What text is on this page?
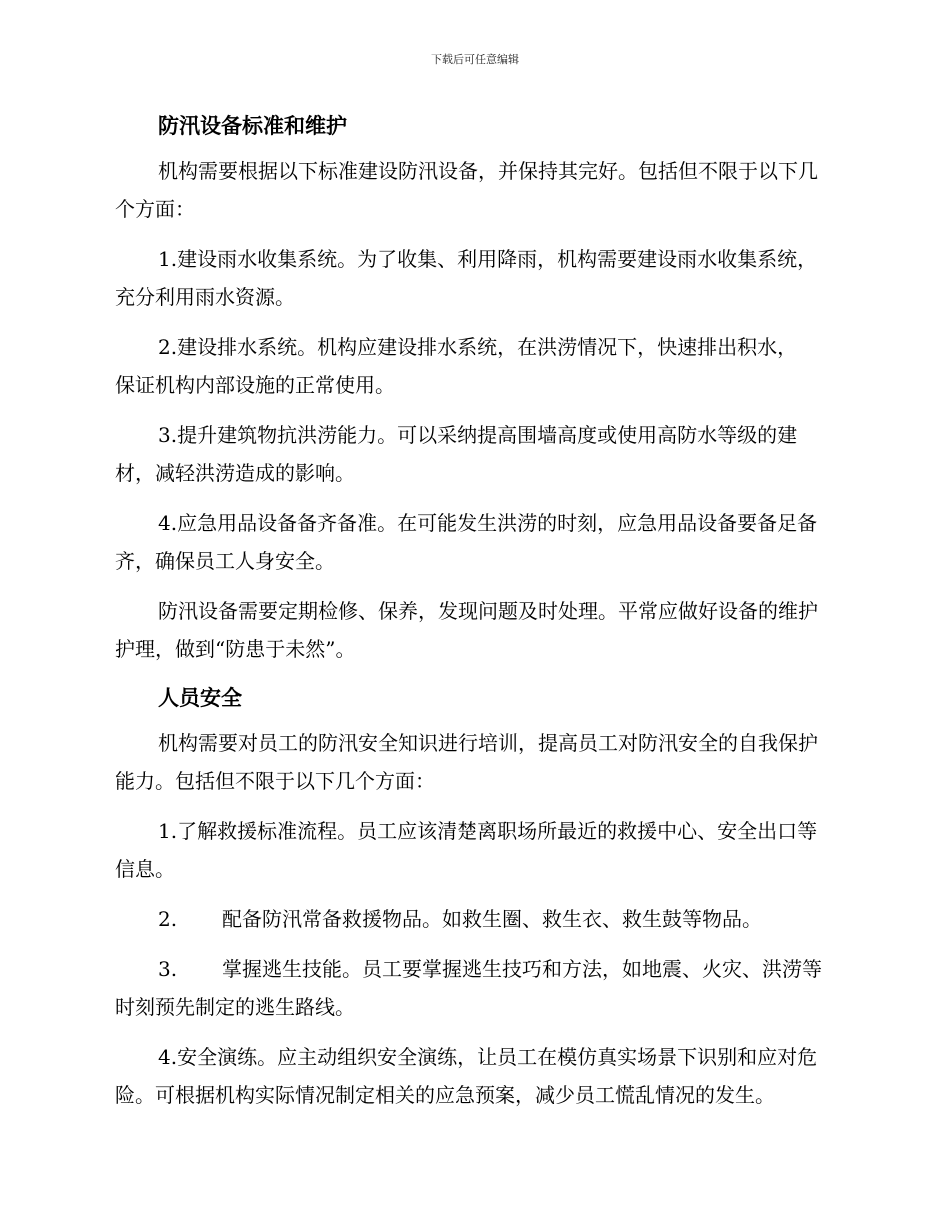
下载后可任意编辑
防汛设备标准和维护

机构需要根据以下标准建设防汛设备，并保持其完好。包括但不限于以下几个方面：

1.建设雨水收集系统。为了收集、利用降雨，机构需要建设雨水收集系统，充分利用雨水资源。

2.建设排水系统。机构应建设排水系统，在洪涝情况下，快速排出积水，保证机构内部设施的正常使用。

3.提升建筑物抗洪涝能力。可以采纳提高围墙高度或使用高防水等级的建材，减轻洪涝造成的影响。

4.应急用品设备备齐备准。在可能发生洪涝的时刻，应急用品设备要备足备齐，确保员工人身安全。

防汛设备需要定期检修、保养，发现问题及时处理。平常应做好设备的维护护理，做到“防患于未然”。

人员安全

机构需要对员工的防汛安全知识进行培训，提高员工对防汛安全的自我保护能力。包括但不限于以下几个方面：

1.了解救援标准流程。员工应该清楚离职场所最近的救援中心、安全出口等信息。

2. 配备防汛常备救援物品。如救生圈、救生衣、救生鼓等物品。

3. 掌握逃生技能。员工要掌握逃生技巧和方法，如地震、火灾、洪涝等时刻预先制定的逃生路线。

4.安全演练。应主动组织安全演练，让员工在模仿真实场景下识别和应对危险。可根据机构实际情况制定相关的应急预案，减少员工慌乱情况的发生。
